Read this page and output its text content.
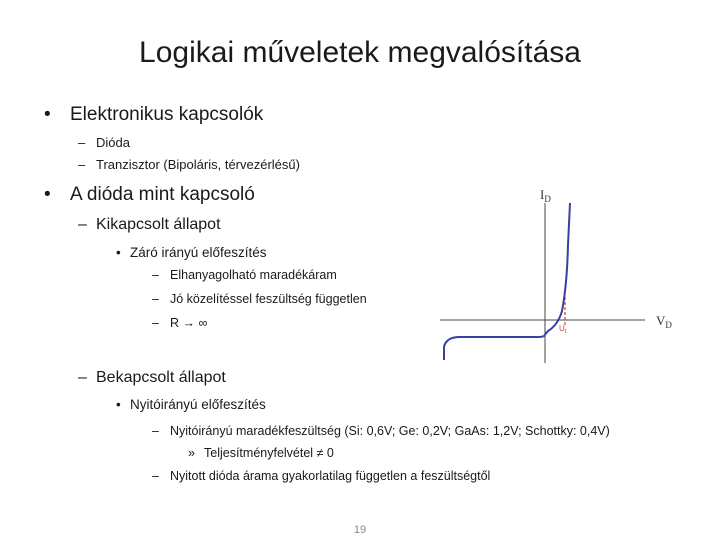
Logikai műveletek megvalósítása
• Elektronikus kapcsolók
– Dióda
– Tranzisztor (Bipoláris, térvezérlésű)
• A dióda mint kapcsoló
– Kikapcsolt állapot
• Záró irányú előfeszítés
– Elhanyagolható maradékáram
– Jó közelítéssel feszültség független
– R → ∞
– Bekapcsolt állapot
• Nyitóirányú előfeszítés
– Nyitóirányú maradékfeszültség (Si: 0,6V; Ge: 0,2V; GaAs: 1,2V; Schottky: 0,4V)
» Teljesítményfelvétel ≠ 0
– Nyitott dióda árama gyakorlatilag független a feszültségtől
$I_D$
$V_D$
$U_t$
19
